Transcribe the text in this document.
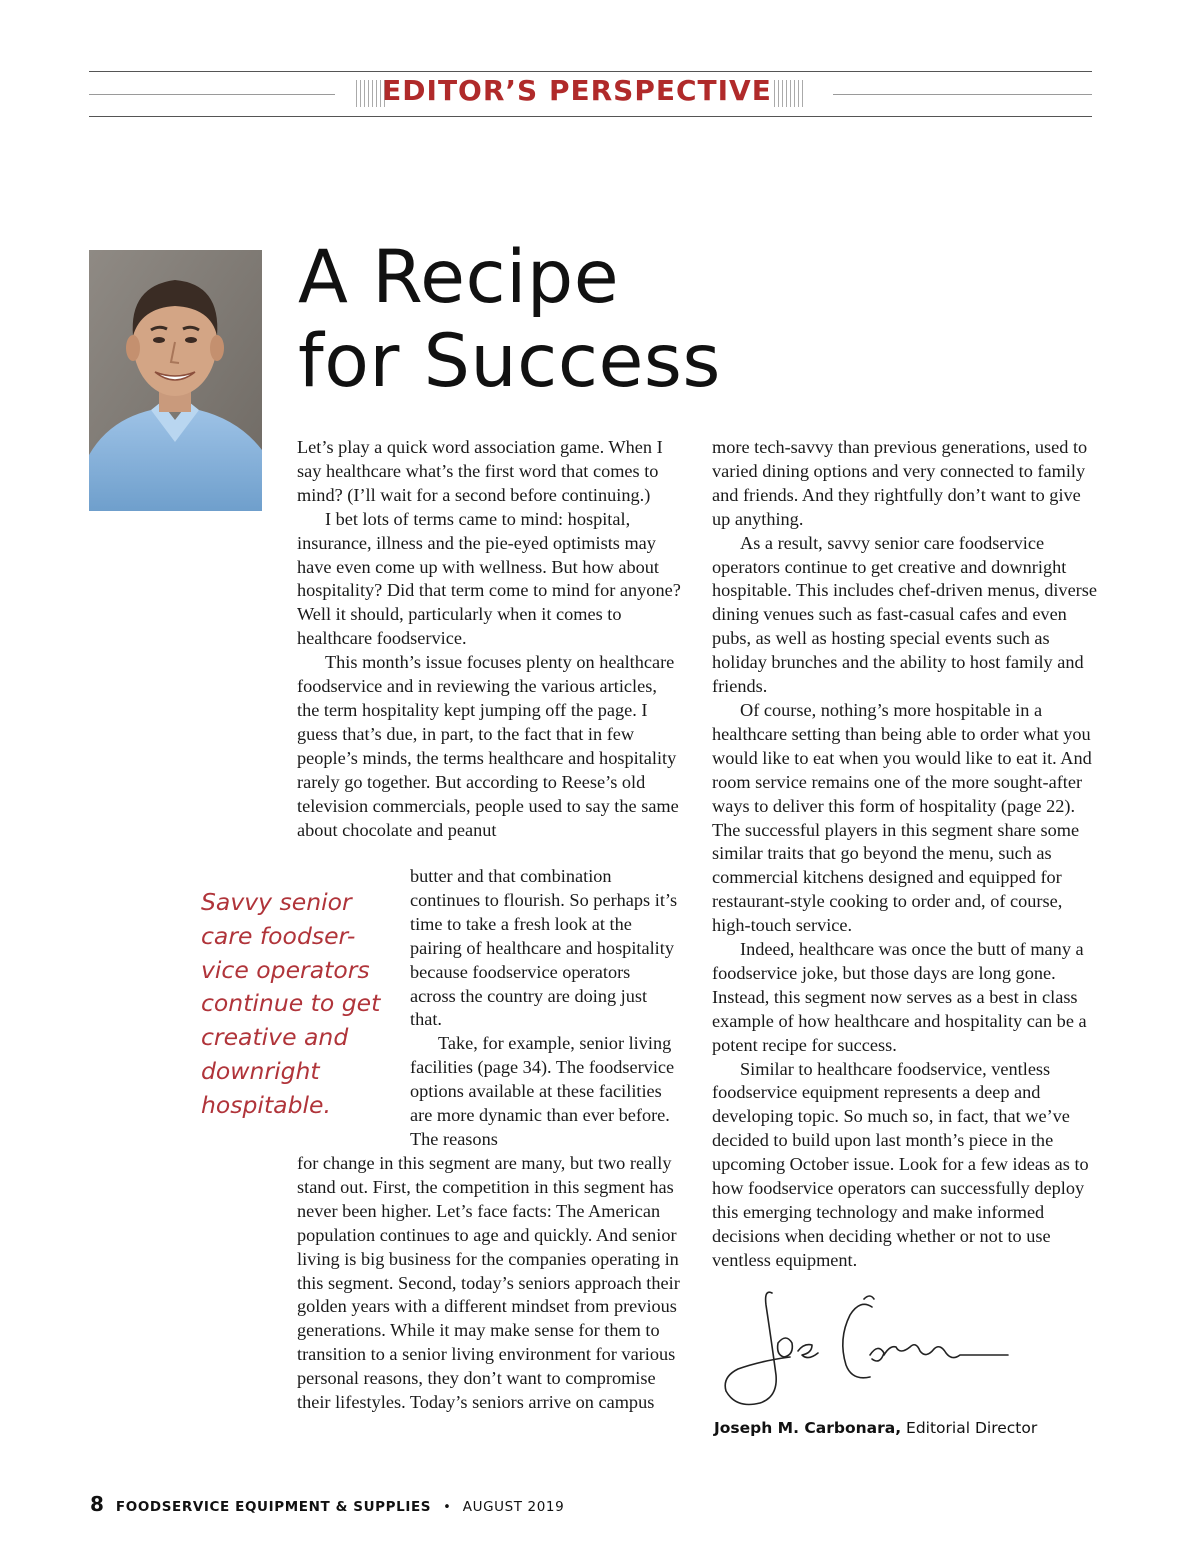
EDITOR’S PERSPECTIVE
A Recipe
for Success

Let’s play a quick word association game. When I say healthcare what’s the first word that comes to mind? (I’ll wait for a second before continuing.)

I bet lots of terms came to mind: hospital, insurance, illness and the pie-eyed optimists may have even come up with wellness. But how about hospitality? Did that term come to mind for anyone? Well it should, particularly when it comes to healthcare foodservice.

This month’s issue focuses plenty on healthcare foodservice and in reviewing the various articles, the term hospitality kept jumping off the page. I guess that’s due, in part, to the fact that in few people’s minds, the terms healthcare and hospitality rarely go together. But according to Reese’s old television commercials, people used to say the same about chocolate and peanut

Savvy senior care foodser-vice operators continue to get creative and downright hospitable.

butter and that combination continues to flourish. So perhaps it’s time to take a fresh look at the pairing of healthcare and hospitality because foodservice operators across the country are doing just that.

Take, for example, senior living facilities (page 34). The foodservice options available at these facilities are more dynamic than ever before. The reasons

for change in this segment are many, but two really stand out. First, the competition in this segment has never been higher. Let’s face facts: The American population continues to age and quickly. And senior living is big business for the companies operating in this segment. Second, today’s seniors approach their golden years with a different mindset from previous generations. While it may make sense for them to transition to a senior living environment for various personal reasons, they don’t want to compromise their lifestyles. Today’s seniors arrive on campus

more tech-savvy than previous generations, used to varied dining options and very connected to family and friends. And they rightfully don’t want to give up anything.

As a result, savvy senior care foodservice operators continue to get creative and downright hospitable. This includes chef-driven menus, diverse dining venues such as fast-casual cafes and even pubs, as well as hosting special events such as holiday brunches and the ability to host family and friends.

Of course, nothing’s more hospitable in a healthcare setting than being able to order what you would like to eat when you would like to eat it. And room service remains one of the more sought-after ways to deliver this form of hospitality (page 22). The successful players in this segment share some similar traits that go beyond the menu, such as commercial kitchens designed and equipped for restaurant-style cooking to order and, of course, high-touch service.

Indeed, healthcare was once the butt of many a foodservice joke, but those days are long gone. Instead, this segment now serves as a best in class example of how healthcare and hospitality can be a potent recipe for success.

Similar to healthcare foodservice, ventless foodservice equipment represents a deep and developing topic. So much so, in fact, that we’ve decided to build upon last month’s piece in the upcoming October issue. Look for a few ideas as to how foodservice operators can successfully deploy this emerging technology and make informed decisions when deciding whether or not to use ventless equipment.

Joseph M. Carbonara, Editorial Director
8 FOODSERVICE EQUIPMENT & SUPPLIES • AUGUST 2019
